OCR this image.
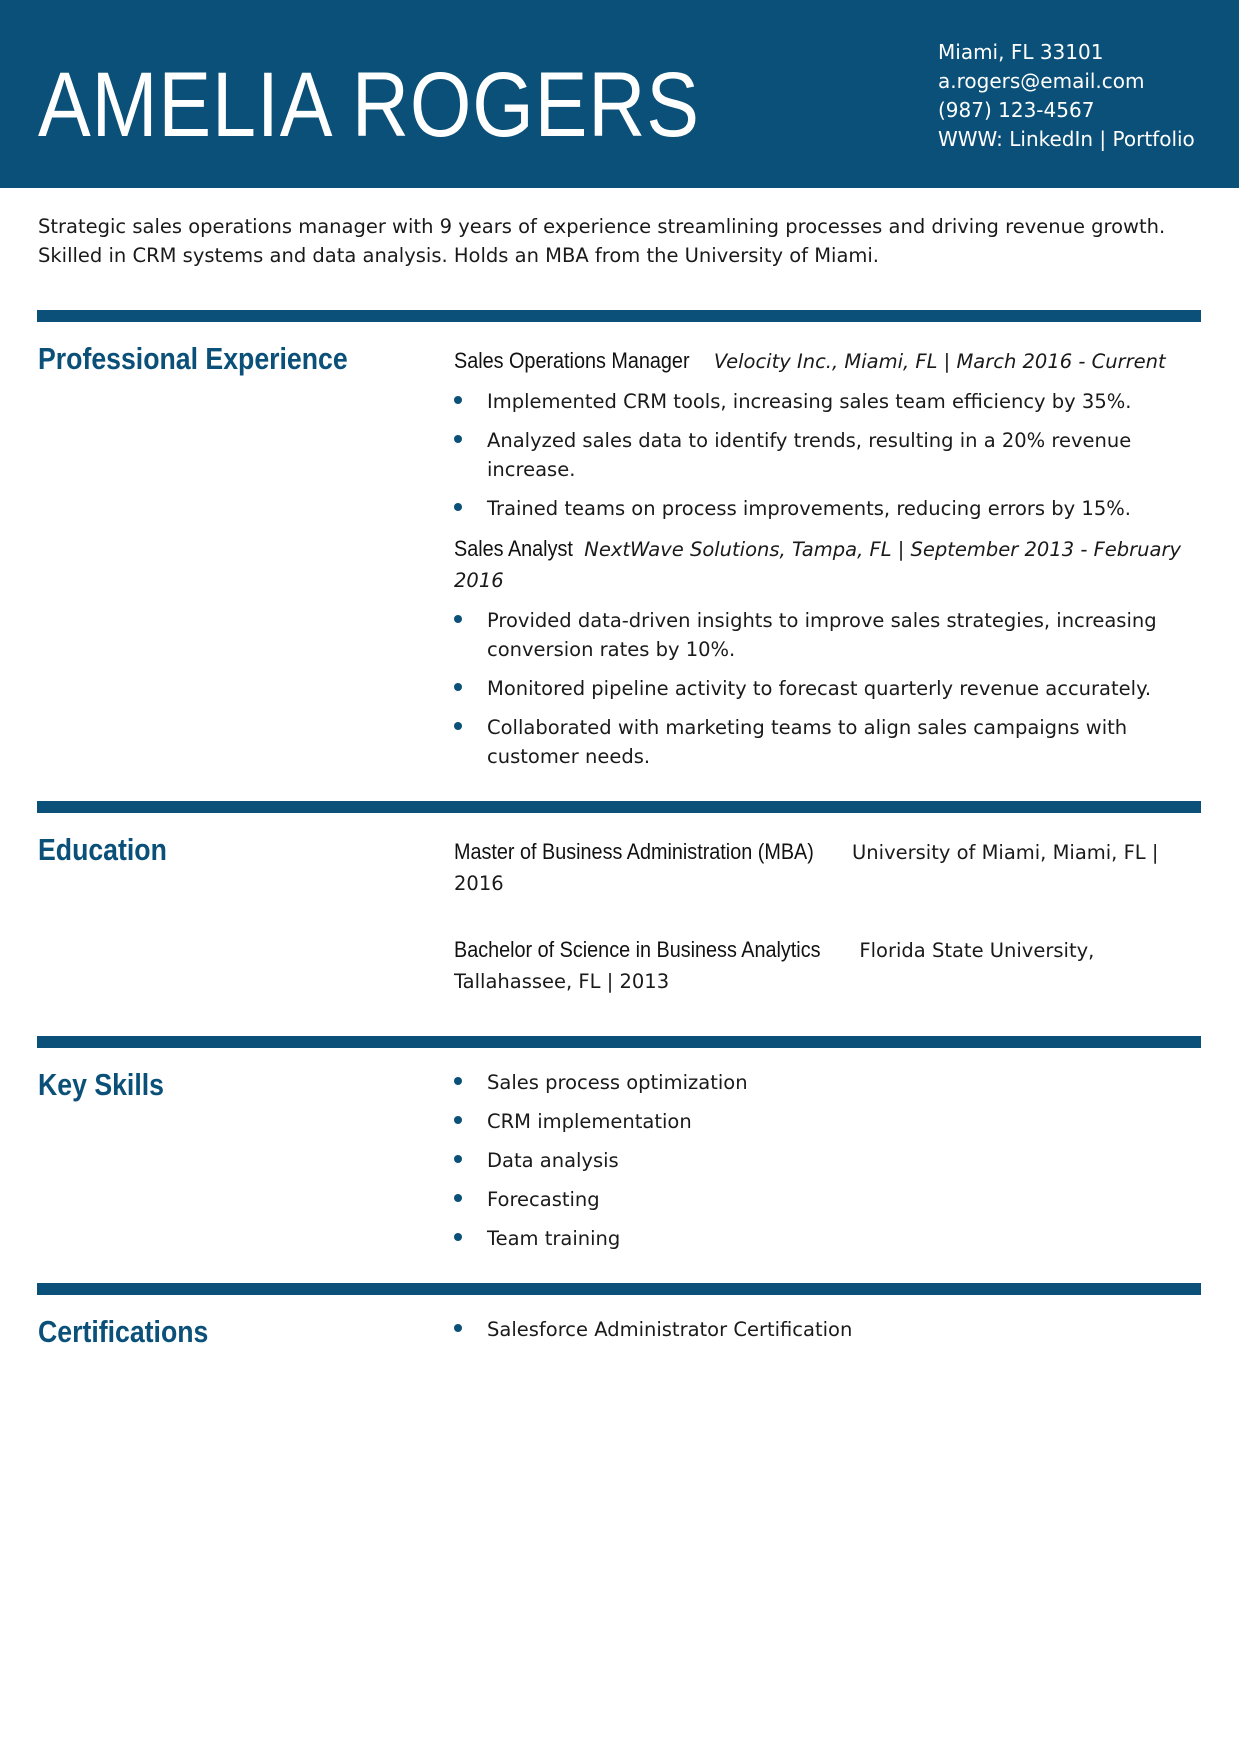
AMELIA ROGERS
Miami, FL 33101
a.rogers@email.com
(987) 123-4567
WWW: LinkedIn | Portfolio

Strategic sales operations manager with 9 years of experience streamlining processes and driving revenue growth. Skilled in CRM systems and data analysis. Holds an MBA from the University of Miami.

Professional Experience	Sales Operations Manager Velocity Inc., Miami, FL | March 2016 - Current
Implemented CRM tools, increasing sales team efficiency by 35%.
Analyzed sales data to identify trends, resulting in a 20% revenue increase.
Trained teams on process improvements, reducing errors by 15%.
Sales Analyst NextWave Solutions, Tampa, FL | September 2013 - February 2016
Provided data-driven insights to improve sales strategies, increasing conversion rates by 10%.
Monitored pipeline activity to forecast quarterly revenue accurately.
Collaborated with marketing teams to align sales campaigns with customer needs.
Education	Master of Business Administration (MBA) University of Miami, Miami, FL | 2016
Bachelor of Science in Business Analytics Florida State University, Tallahassee, FL | 2013
Key Skills	Sales process optimization
CRM implementation
Data analysis
Forecasting
Team training
Certifications	Salesforce Administrator Certification
